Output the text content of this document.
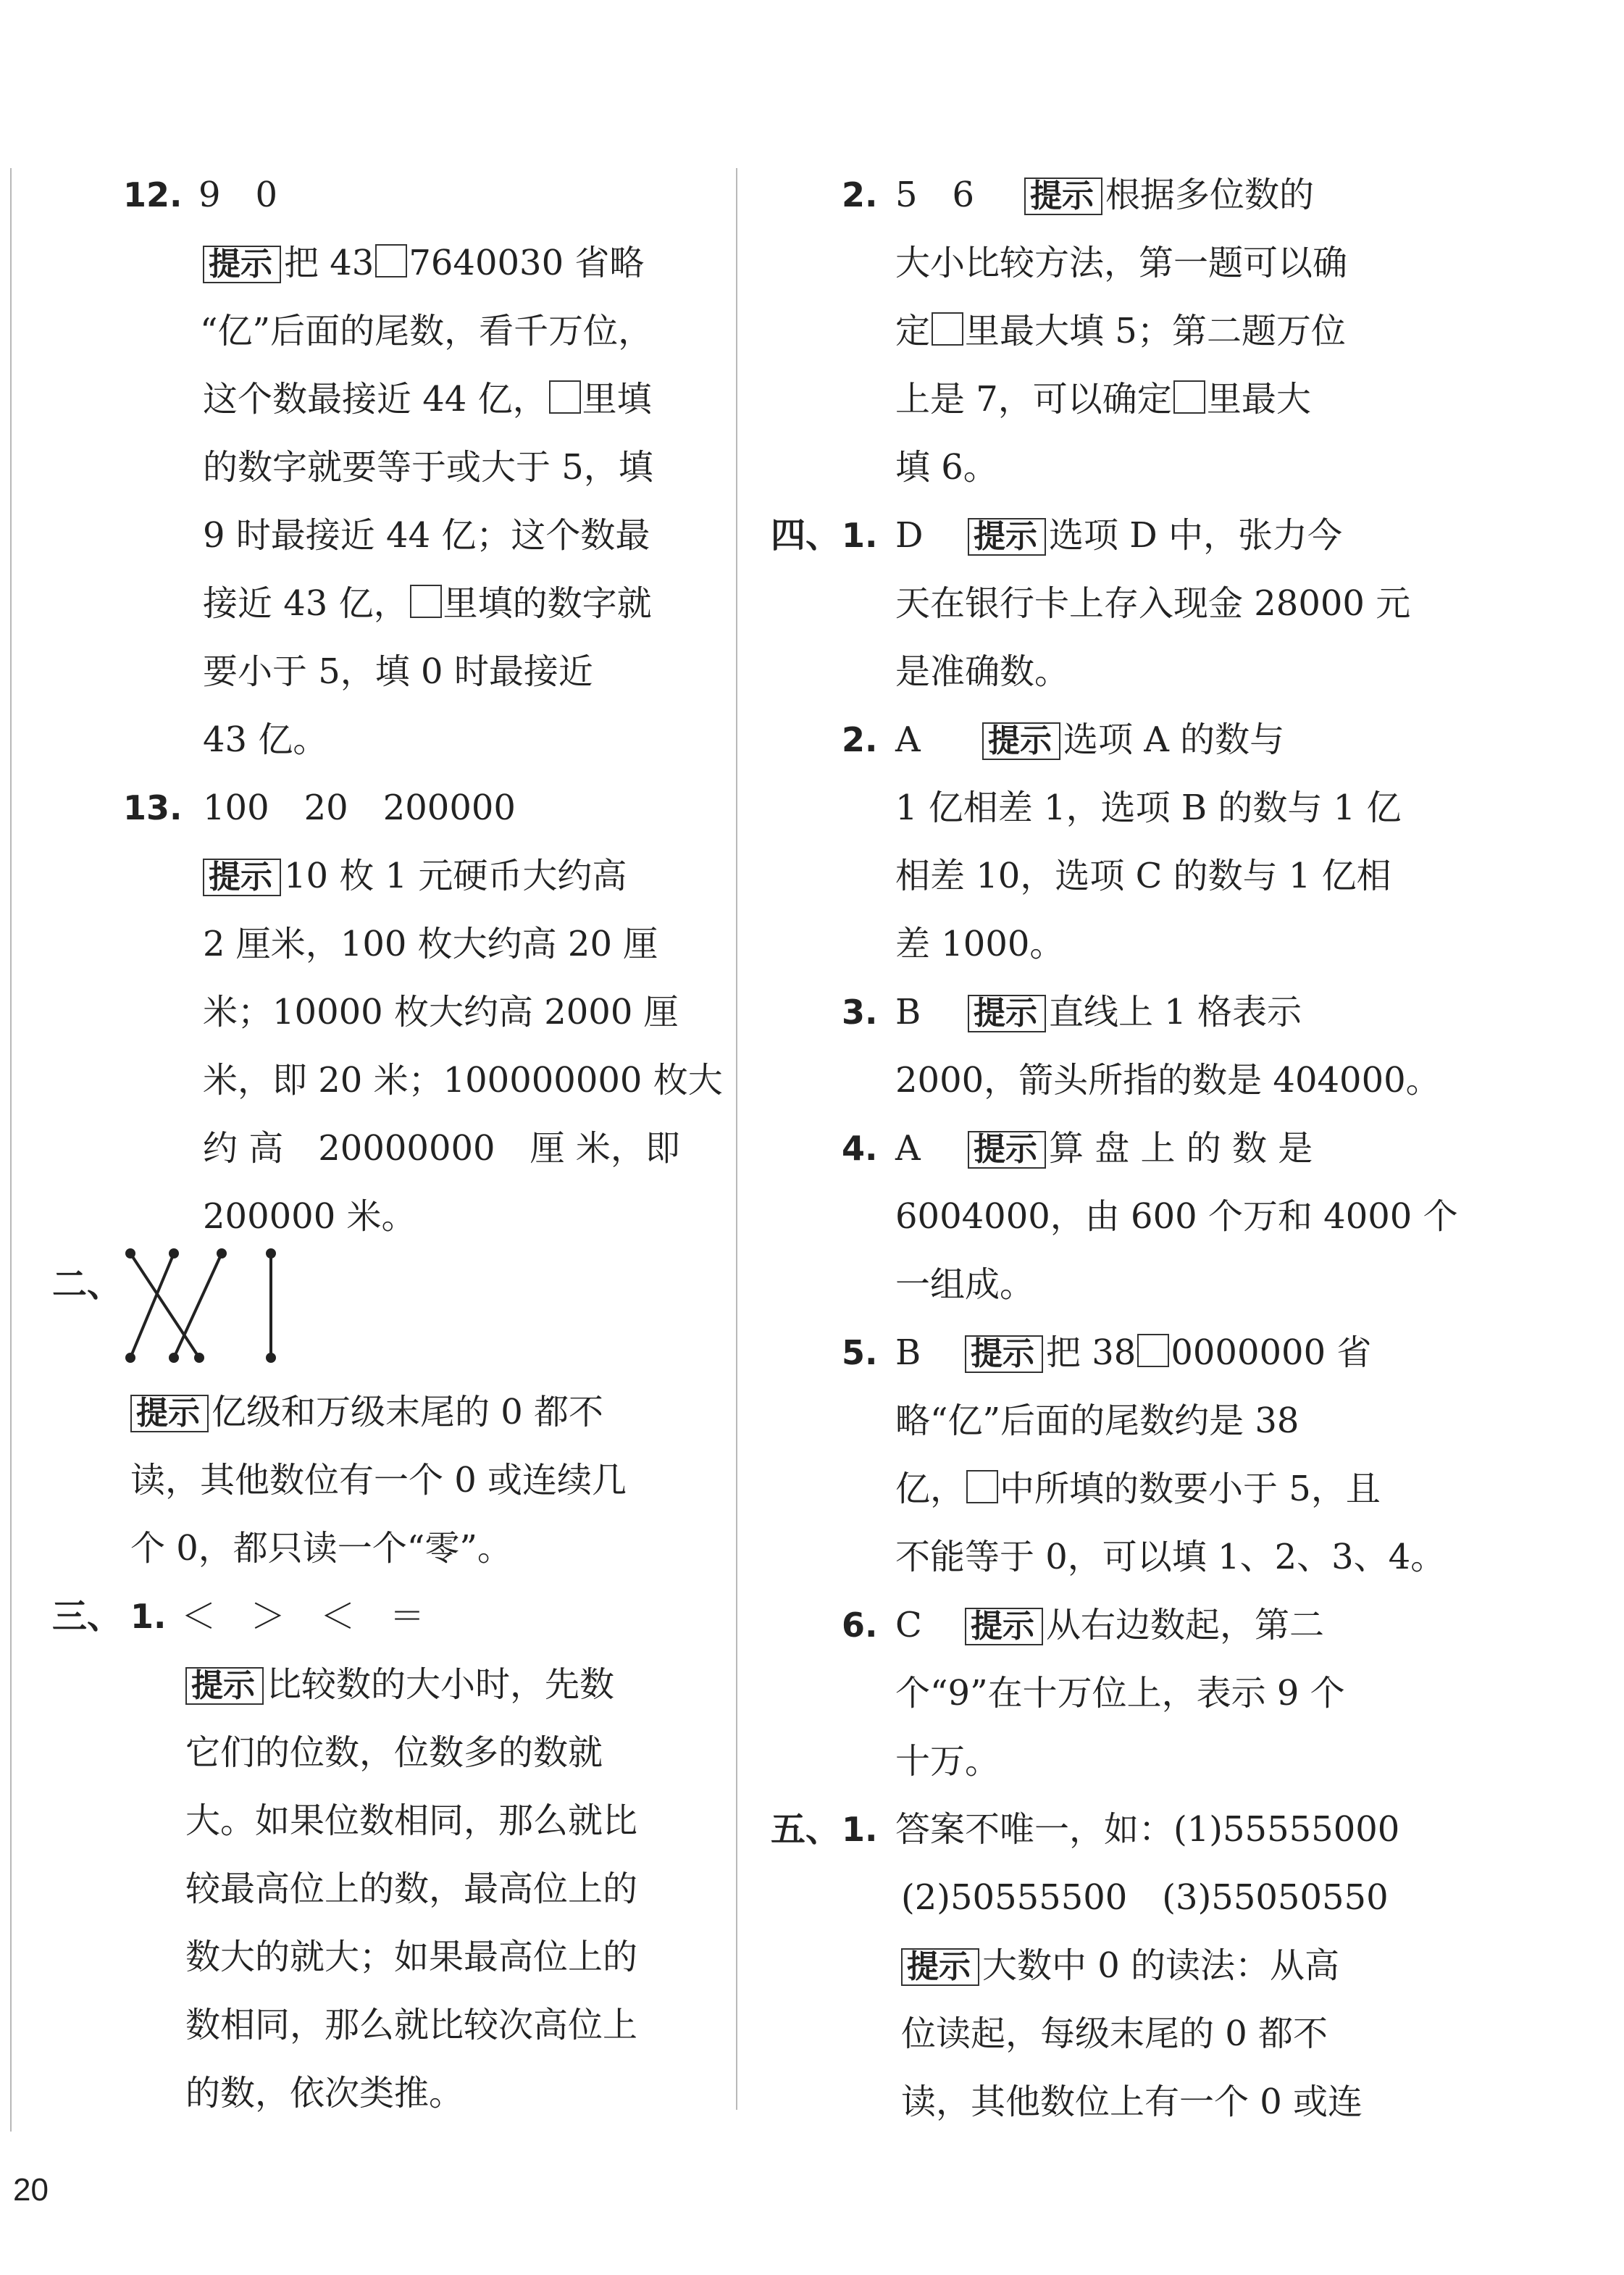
12. 9　0
提示 把 43 7640030 省略
“亿”后面的尾数，看千万位，
这个数最接近 44 亿， 里填
的数字就要等于或大于 5，填
9 时最接近 44 亿；这个数最
接近 43 亿， 里填的数字就
要小于 5，填 0 时最接近
43 亿。
13. 100　20　200000
提示 10 枚 1 元硬币大约高
2 厘米，100 枚大约高 20 厘
米；10000 枚大约高 2000 厘
米，即 20 米；100000000 枚大
约 高　20000000　厘 米，即
200000 米。
二、
提示 亿级和万级末尾的 0 都不
读，其他数位有一个 0 或连续几
个 0，都只读一个“零”。
三、 1. ＜　＞　＜　＝
提示 比较数的大小时，先数
它们的位数，位数多的数就
大。如果位数相同，那么就比
较最高位上的数，最高位上的
数大的就大；如果最高位上的
数相同，那么就比较次高位上
的数，依次类推。
2. 5　6 提示 根据多位数的
大小比较方法，第一题可以确
定 里最大填 5；第二题万位
上是 7，可以确定 里最大
填 6。
四、 1. D 提示 选项 D 中，张力今
天在银行卡上存入现金 28000 元
是准确数。
2. A 提示 选项 A 的数与
1 亿相差 1，选项 B 的数与 1 亿
相差 10，选项 C 的数与 1 亿相
差 1000。
3. B 提示 直线上 1 格表示
2000，箭头所指的数是 404000。
4. A 提示 算 盘 上 的 数 是
6004000，由 600 个万和 4000 个
一组成。
5. B 提示 把 38 0000000 省
略“亿”后面的尾数约是 38
亿， 中所填的数要小于 5，且
不能等于 0，可以填 1、2、3、4。
6. C 提示 从右边数起，第二
个“9”在十万位上，表示 9 个
十万。
五、 1. 答案不唯一，如：(1)55555000
(2)50555500　(3)55050550
提示 大数中 0 的读法：从高
位读起，每级末尾的 0 都不
读，其他数位上有一个 0 或连
20
